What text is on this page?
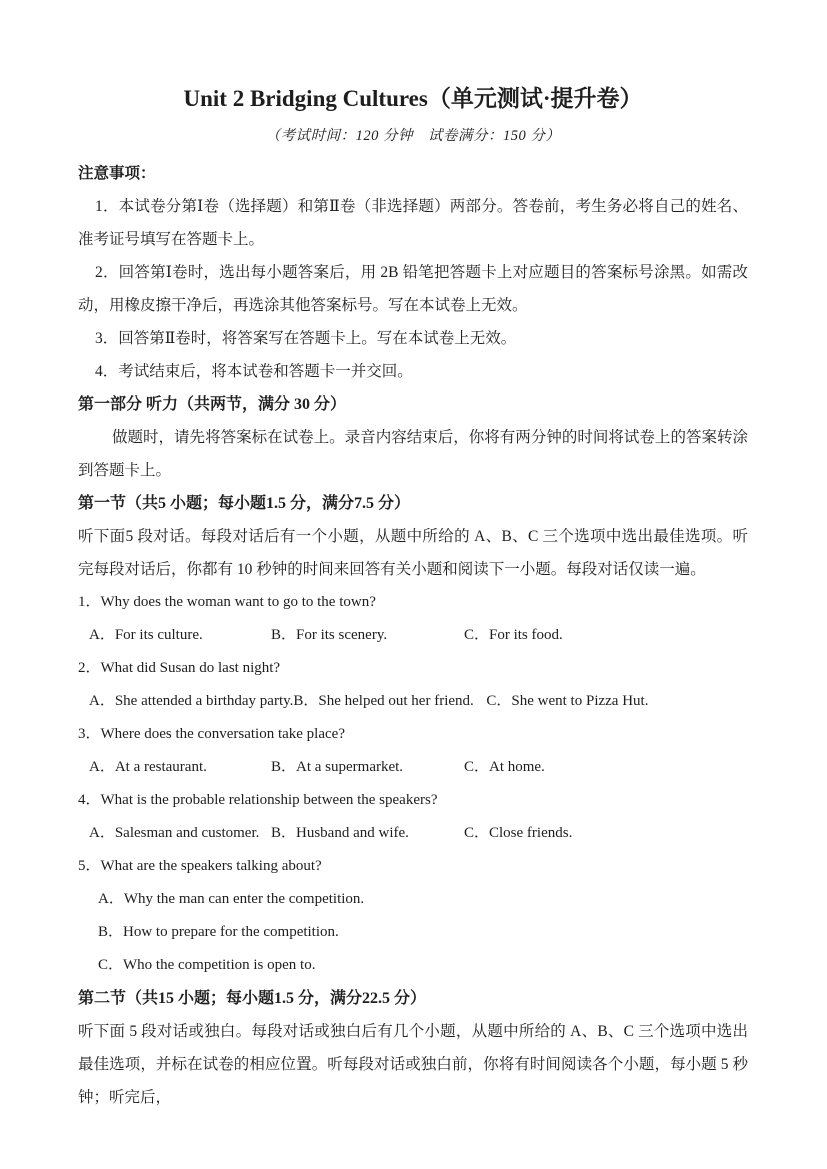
Unit 2 Bridging Cultures（单元测试·提升卷）
（考试时间：120 分钟　试卷满分：150 分）
注意事项：

1．本试卷分第Ⅰ卷（选择题）和第Ⅱ卷（非选择题）两部分。答卷前，考生务必将自己的姓名、准考证号填写在答题卡上。

2．回答第Ⅰ卷时，选出每小题答案后，用 2B 铅笔把答题卡上对应题目的答案标号涂黑。如需改动，用橡皮擦干净后，再选涂其他答案标号。写在本试卷上无效。

3．回答第Ⅱ卷时，将答案写在答题卡上。写在本试卷上无效。

4．考试结束后，将本试卷和答题卡一并交回。

第一部分 听力（共两节，满分 30 分）

做题时，请先将答案标在试卷上。录音内容结束后，你将有两分钟的时间将试卷上的答案转涂到答题卡上。

第一节（共5 小题；每小题1.5 分，满分7.5 分）

听下面5 段对话。每段对话后有一个小题，从题中所给的 A、B、C 三个选项中选出最佳选项。听完每段对话后，你都有 10 秒钟的时间来回答有关小题和阅读下一小题。每段对话仅读一遍。

1．Why does the woman want to go to the town?
A．For its culture.	B．For its scenery.	C．For its food.
2．What did Susan do last night?
A．She attended a birthday party.B．She helped out her friend. C．She went to Pizza Hut.
3．Where does the conversation take place?
A．At a restaurant.	B．At a supermarket.	C．At home.
4．What is the probable relationship between the speakers?
A．Salesman and customer. B．Husband and wife.	C．Close friends.
5．What are the speakers talking about?
A．Why the man can enter the competition.
B．How to prepare for the competition.
C．Who the competition is open to.
第二节（共15 小题；每小题1.5 分，满分22.5 分）

听下面 5 段对话或独白。每段对话或独白后有几个小题，从题中所给的 A、B、C 三个选项中选出最佳选项，并标在试卷的相应位置。听每段对话或独白前，你将有时间阅读各个小题，每小题 5 秒钟；听完后，
